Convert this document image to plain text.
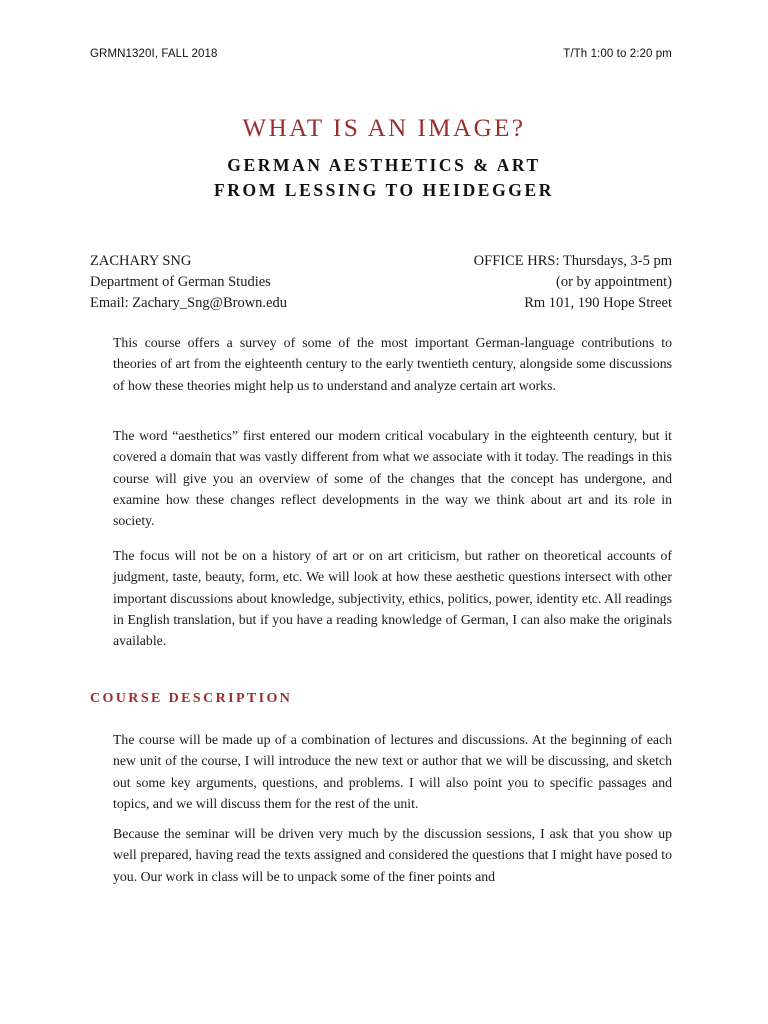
GRMN1320I, FALL 2018	T/Th 1:00 to 2:20 pm
WHAT IS AN IMAGE?
GERMAN AESTHETICS & ART
FROM LESSING TO HEIDEGGER
ZACHARY SNG
Department of German Studies
Email: Zachary_Sng@Brown.edu
OFFICE HRS: Thursdays, 3-5 pm
(or by appointment)
Rm 101, 190 Hope Street

This course offers a survey of some of the most important German-language contributions to theories of art from the eighteenth century to the early twentieth century, alongside some discussions of how these theories might help us to understand and analyze certain art works.

The word “aesthetics” first entered our modern critical vocabulary in the eighteenth century, but it covered a domain that was vastly different from what we associate with it today. The readings in this course will give you an overview of some of the changes that the concept has undergone, and examine how these changes reflect developments in the way we think about art and its role in society.

The focus will not be on a history of art or on art criticism, but rather on theoretical accounts of judgment, taste, beauty, form, etc. We will look at how these aesthetic questions intersect with other important discussions about knowledge, subjectivity, ethics, politics, power, identity etc. All readings in English translation, but if you have a reading knowledge of German, I can also make the originals available.

COURSE DESCRIPTION

The course will be made up of a combination of lectures and discussions. At the beginning of each new unit of the course, I will introduce the new text or author that we will be discussing, and sketch out some key arguments, questions, and problems. I will also point you to specific passages and topics, and we will discuss them for the rest of the unit.

Because the seminar will be driven very much by the discussion sessions, I ask that you show up well prepared, having read the texts assigned and considered the questions that I might have posed to you. Our work in class will be to unpack some of the finer points and
